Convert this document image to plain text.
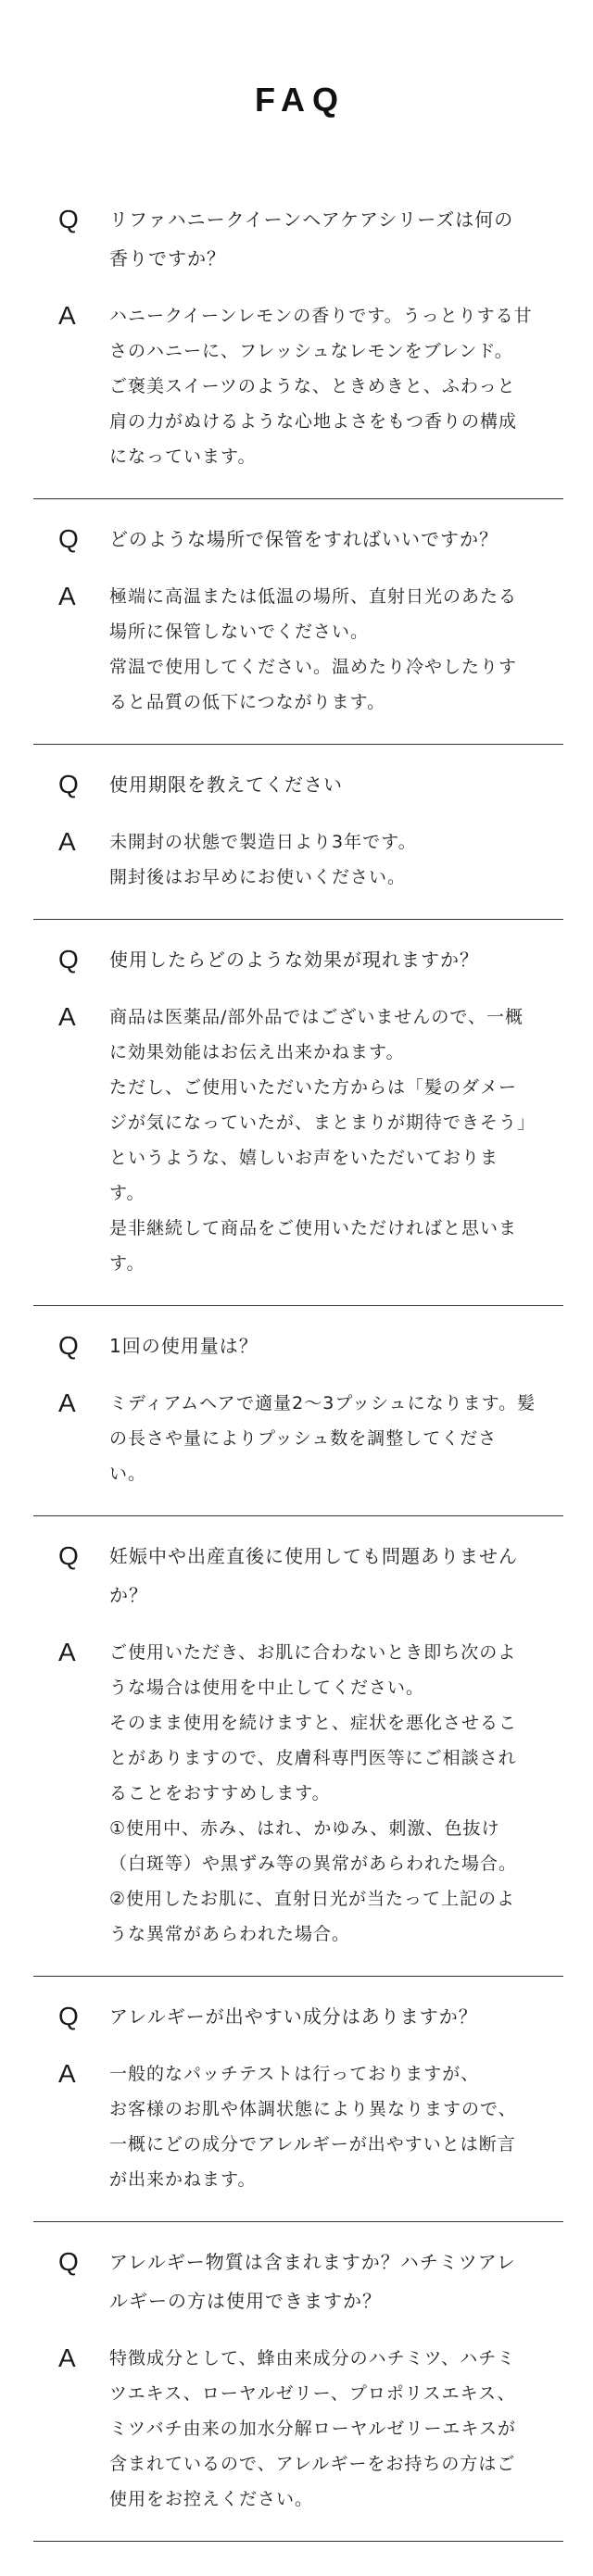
FAQ
Q	リファハニークイーンヘアケアシリーズは何の
香りですか？
A	ハニークイーンレモンの香りです。うっとりする甘
さのハニーに、フレッシュなレモンをブレンド。
ご褒美スイーツのような、ときめきと、ふわっと
肩の力がぬけるような心地よさをもつ香りの構成
になっています。
Q	どのような場所で保管をすればいいですか？
A	極端に高温または低温の場所、直射日光のあたる
場所に保管しないでください。
常温で使用してください。温めたり冷やしたりす
ると品質の低下につながります。
Q	使用期限を教えてください
A	未開封の状態で製造日より3年です。
開封後はお早めにお使いください。
Q	使用したらどのような効果が現れますか？
A	商品は医薬品/部外品ではございませんので、一概
に効果効能はお伝え出来かねます。
ただし、ご使用いただいた方からは「髪のダメー
ジが気になっていたが、まとまりが期待できそう」
というような、嬉しいお声をいただいておりま
す。
是非継続して商品をご使用いただければと思いま
す。
Q	1回の使用量は？
A	ミディアムヘアで適量2〜3プッシュになります。髪
の長さや量によりプッシュ数を調整してくださ
い。
Q	妊娠中や出産直後に使用しても問題ありません
か？
A	ご使用いただき、お肌に合わないとき即ち次のよ
うな場合は使用を中止してください。
そのまま使用を続けますと、症状を悪化させるこ
とがありますので、皮膚科専門医等にご相談され
ることをおすすめします。
①使用中、赤み、はれ、かゆみ、刺激、色抜け
（白斑等）や黒ずみ等の異常があらわれた場合。
②使用したお肌に、直射日光が当たって上記のよ
うな異常があらわれた場合。
Q	アレルギーが出やすい成分はありますか？
A	一般的なパッチテストは行っておりますが、
お客様のお肌や体調状態により異なりますので、
一概にどの成分でアレルギーが出やすいとは断言
が出来かねます。
Q	アレルギー物質は含まれますか？ハチミツアレ
ルギーの方は使用できますか？
A	特徴成分として、蜂由来成分のハチミツ、ハチミ
ツエキス、ローヤルゼリー、プロポリスエキス、
ミツバチ由来の加水分解ローヤルゼリーエキスが
含まれているので、アレルギーをお持ちの方はご
使用をお控えください。
